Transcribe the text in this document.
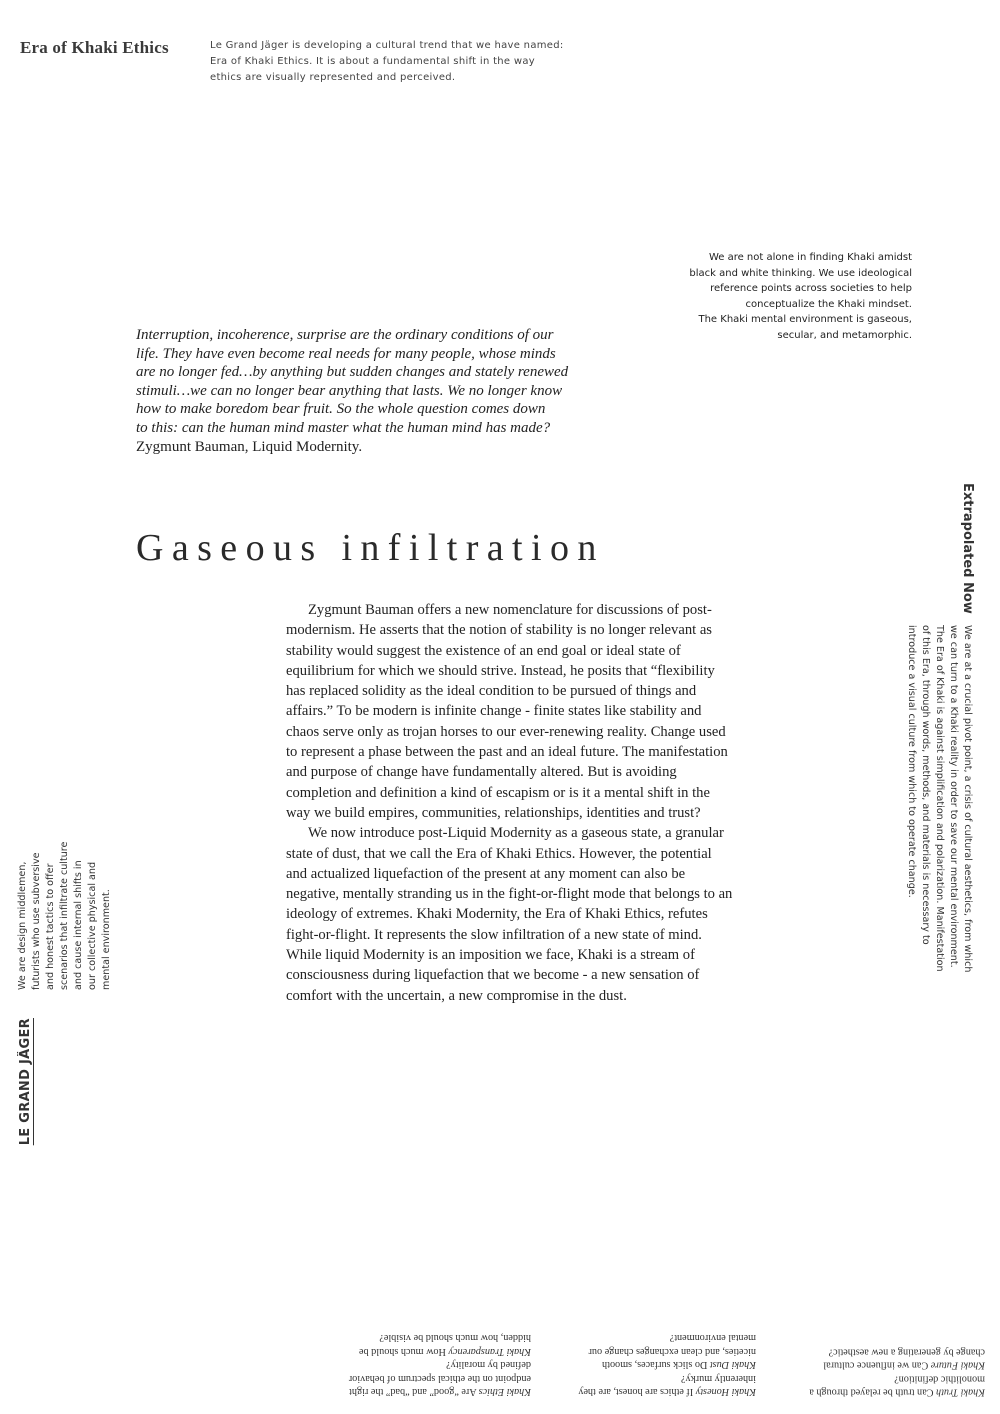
Era of Khaki Ethics	Le Grand Jäger is developing a cultural trend that we have named:

Era of Khaki Ethics. It is about a fundamental shift in the way

ethics are visually represented and perceived.

We are not alone in finding Khaki amidst

black and white thinking. We use ideological

reference points across societies to help

conceptualize the Khaki mindset.

The Khaki mental environment is gaseous,

secular, and metamorphic.

Interruption, incoherence, surprise are the ordinary conditions of our

life. They have even become real needs for many people, whose minds

are no longer fed…by anything but sudden changes and stately renewed

stimuli…we can no longer bear anything that lasts. We no longer know

how to make boredom bear fruit. So the whole question comes down

to this: can the human mind master what the human mind has made?

Zygmunt Bauman, Liquid Modernity.

Gaseous infiltration

Zygmunt Bauman offers a new nomenclature for discussions of post-modernism. He asserts that the notion of stability is no longer relevant as stability would suggest the existence of an end goal or ideal state of equilibrium for which we should strive. Instead, he posits that “flexibility has replaced solidity as the ideal condition to be pursued of things and affairs.” To be modern is infinite change - finite states like stability and chaos serve only as trojan horses to our ever-renewing reality. Change used to represent a phase between the past and an ideal future. The manifestation and purpose of change have fundamentally altered. But is avoiding completion and definition a kind of escapism or is it a mental shift in the way we build empires, communities, relationships, identities and trust?

We now introduce post-Liquid Modernity as a gaseous state, a granular state of dust, that we call the Era of Khaki Ethics. However, the potential and actualized liquefaction of the present at any moment can also be negative, mentally stranding us in the fight-or-flight mode that belongs to an ideology of extremes. Khaki Modernity, the Era of Khaki Ethics, refutes fight-or-flight. It represents the slow infiltration of a new state of mind. While liquid Modernity is an imposition we face, Khaki is a stream of consciousness during liquefaction that we become - a new sensation of comfort with the uncertain, a new compromise in the dust.

Extrapolated Now

We are at a crucial pivot point, a crisis of cultural aesthetics, from which

we can turn to a Khaki reality in order to save our mental environment.

The Era of Khaki is against simplification and polarization. Manifestation

of this Era, through words, methods, and materials is necessary to

introduce a visual culture from which to operate change.

We are design middlemen, futurists who use subversive and honest tactics to offer scenarios that infiltrate culture and cause internal shifts in our collective physical and mental environment.

LE GRAND JÄGER

Khaki Truth Can truth be relayed through a

monolithic definition?

Khaki Future Can we influence cultural

change by generating a new aesthetic?

Khaki Honesty If ethics are honest, are they

inherently murky?

Khaki Dust Do slick surfaces, smooth

niceties, and clean exchanges change our

mental environment?

Khaki Ethics Are “good” and “bad” the right

endpoint on the ethical spectrum of behavior

defined by morality?

Khaki Transparency How much should be

hidden, how much should be visible?
